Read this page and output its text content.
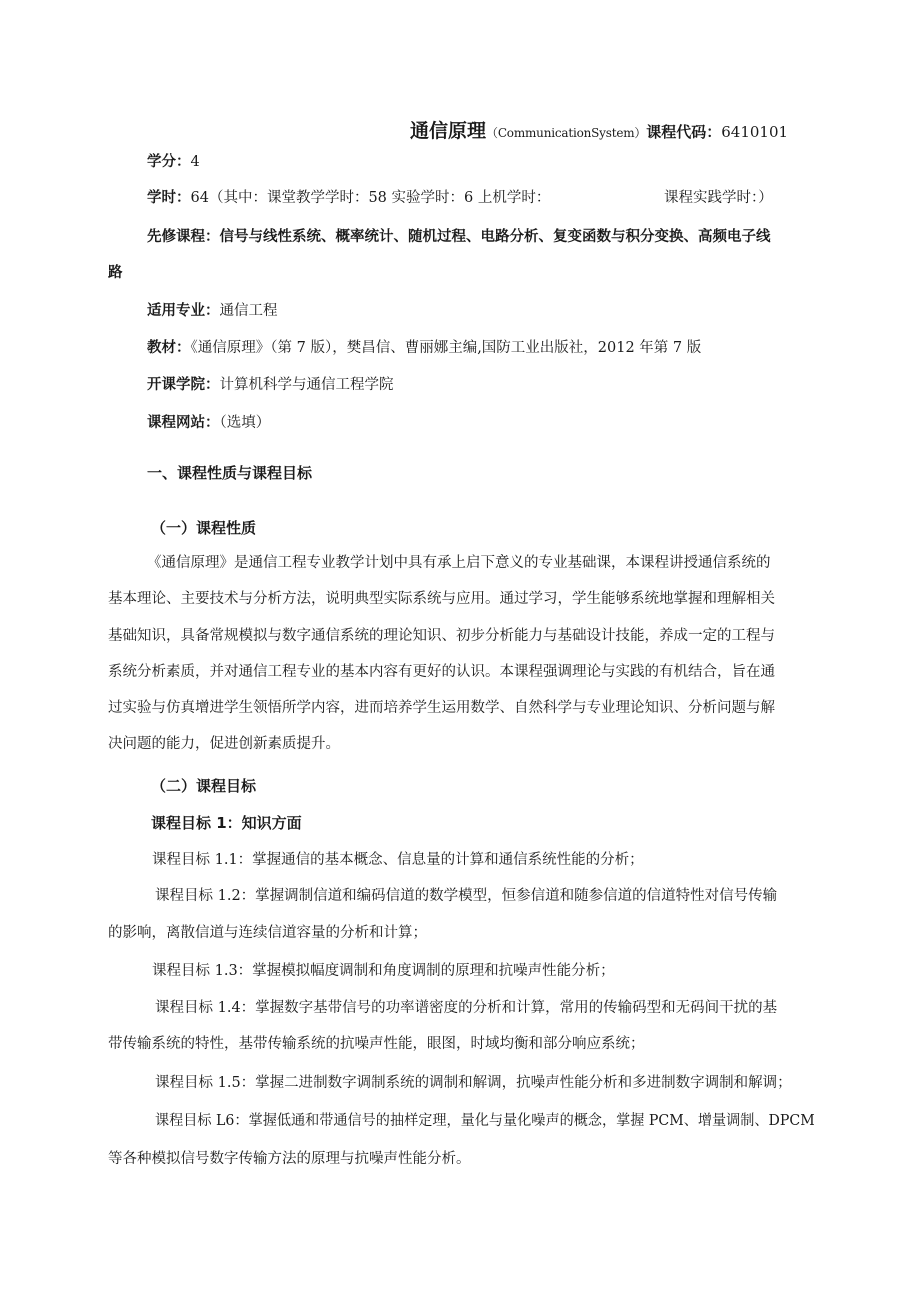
通信原理（CommunicationSystem）课程代码：6410101
学分：4
学时：64（其中：课堂教学学时：58 实验学时：6 上机学时：	课程实践学时：）
先修课程：信号与线性系统、概率统计、随机过程、电路分析、复变函数与积分变换、高频电子线
路
适用专业：通信工程
教材：《通信原理》（第 7 版），樊昌信、曹丽娜主编,国防工业出版社，2012 年第 7 版
开课学院：计算机科学与通信工程学院
课程网站：（选填）
一、课程性质与课程目标
（一）课程性质
《通信原理》是通信工程专业教学计划中具有承上启下意义的专业基础课，本课程讲授通信系统的
基本理论、主要技术与分析方法，说明典型实际系统与应用。通过学习，学生能够系统地掌握和理解相关
基础知识，具备常规模拟与数字通信系统的理论知识、初步分析能力与基础设计技能，养成一定的工程与
系统分析素质，并对通信工程专业的基本内容有更好的认识。本课程强调理论与实践的有机结合，旨在通
过实验与仿真增进学生领悟所学内容，进而培养学生运用数学、自然科学与专业理论知识、分析问题与解
决问题的能力，促进创新素质提升。
（二）课程目标
课程目标 1：知识方面
课程目标 1.1：掌握通信的基本概念、信息量的计算和通信系统性能的分析；
课程目标 1.2：掌握调制信道和编码信道的数学模型，恒参信道和随参信道的信道特性对信号传输
的影响，离散信道与连续信道容量的分析和计算；
课程目标 1.3：掌握模拟幅度调制和角度调制的原理和抗噪声性能分析；
课程目标 1.4：掌握数字基带信号的功率谱密度的分析和计算，常用的传输码型和无码间干扰的基
带传输系统的特性，基带传输系统的抗噪声性能，眼图，时域均衡和部分响应系统；
课程目标 1.5：掌握二进制数字调制系统的调制和解调，抗噪声性能分析和多进制数字调制和解调；
课程目标 L6：掌握低通和带通信号的抽样定理，量化与量化噪声的概念，掌握 PCM、增量调制、DPCM
等各种模拟信号数字传输方法的原理与抗噪声性能分析。
